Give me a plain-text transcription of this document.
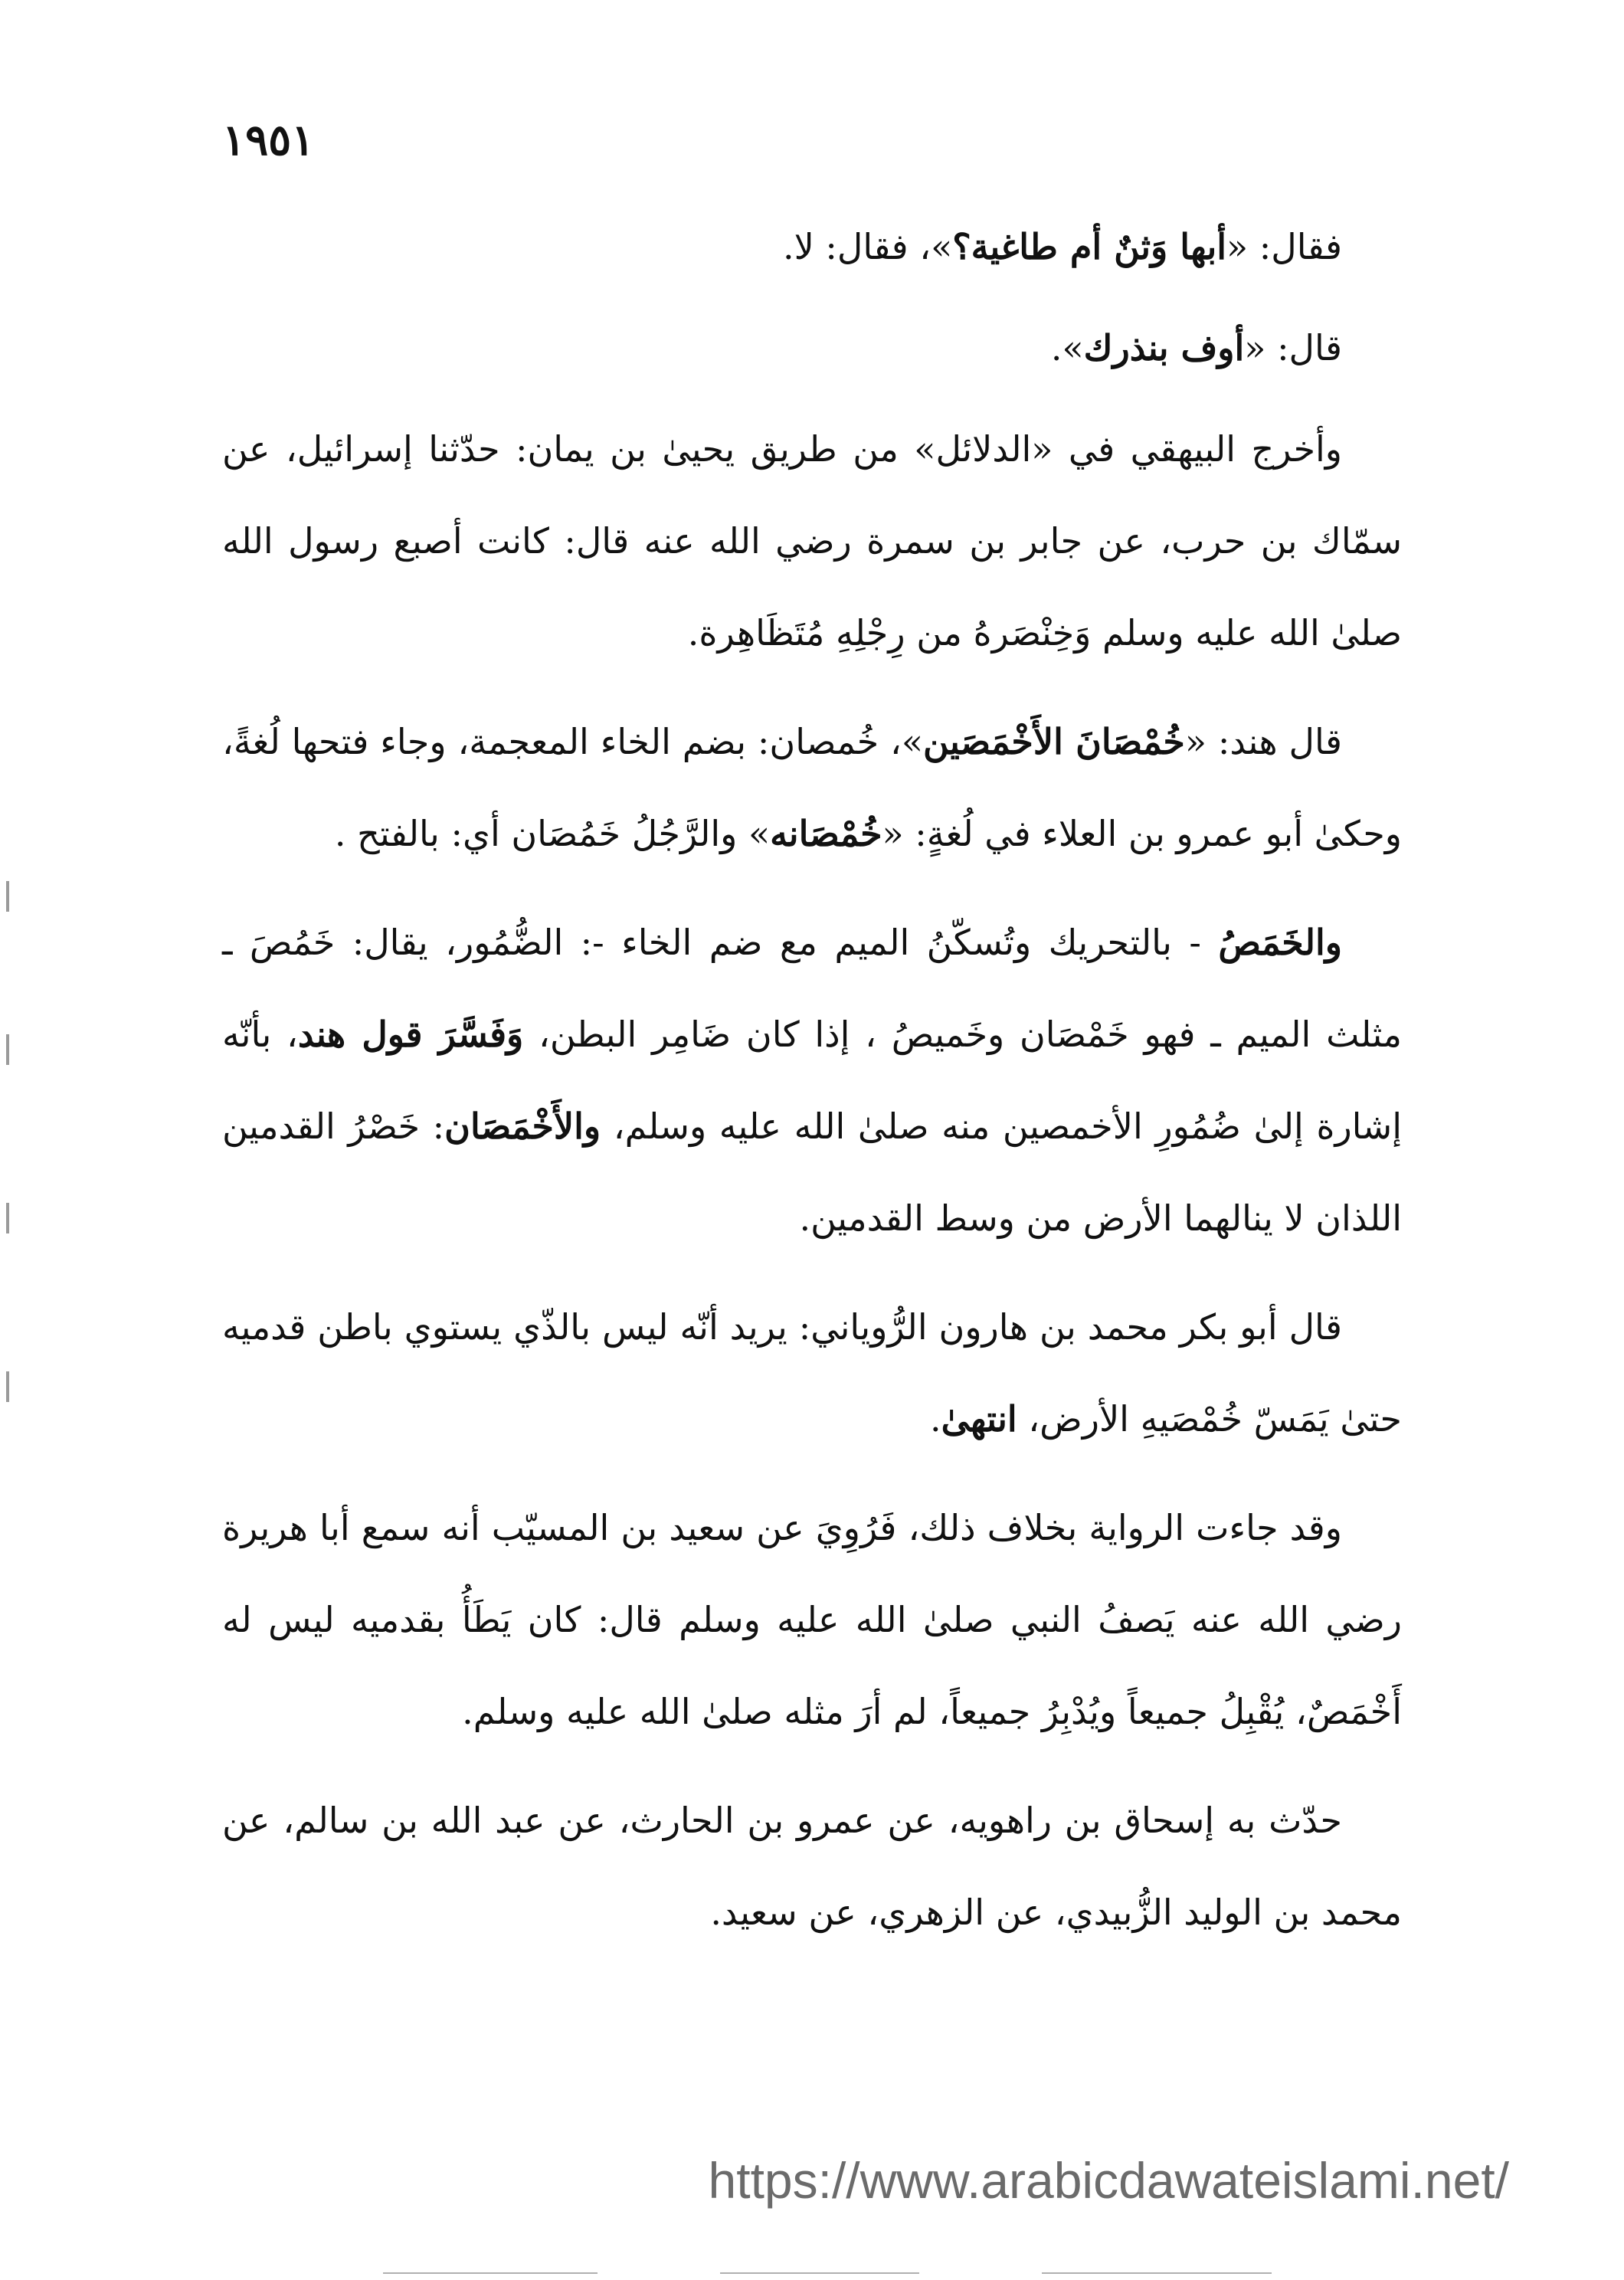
١٩٥١

فقال: «أبها وَثنٌ أم طاغية؟»، فقال: لا.

قال: «أوف بنذرك».

وأخرج البيهقي في «الدلائل» من طريق يحيىٰ بن يمان: حدّثنا إسرائيل، عن سمّاك بن حرب، عن جابر بن سمرة رضي الله عنه قال: كانت أصبع رسول الله صلىٰ الله عليه وسلم وَخِنْصَرهُ من رِجْلِهِ مُتَظَاهِرة.

قال هند: «خُمْصَانَ الأَخْمَصَين»، خُمصان: بضم الخاء المعجمة، وجاء فتحها لُغةً، وحكىٰ أبو عمرو بن العلاء في لُغةٍ: «خُمْصَانه» والرَّجُلُ خَمُصَان أي: بالفتح .

والخَمَصُ - بالتحريك وتُسكّنُ الميم مع ضم الخاء -: الضُّمُور، يقال: خَمُصَ ـ مثلث الميم ـ فهو خَمْصَان وخَميصُ ، إذا كان ضَامِر البطن، وَفَسَّرَ قول هند، بأنّه إشارة إلىٰ ضُمُورِ الأخمصين منه صلىٰ الله عليه وسلم، والأَخْمَصَان: خَصْرُ القدمين اللذان لا ينالهما الأرض من وسط القدمين.

قال أبو بكر محمد بن هارون الرُّوياني: يريد أنّه ليس بالذّي يستوي باطن قدميه حتىٰ يَمَسّ خُمْصَيهِ الأرض، انتهىٰ.

وقد جاءت الرواية بخلاف ذلك، فَرُوِيَ عن سعيد بن المسيّب أنه سمع أبا هريرة رضي الله عنه يَصفُ النبي صلىٰ الله عليه وسلم قال: كان يَطَأُ بقدميه ليس له أَخْمَصٌ، يُقْبِلُ جميعاً ويُدْبِرُ جميعاً، لم أرَ مثله صلىٰ الله عليه وسلم.

حدّث به إسحاق بن راهويه، عن عمرو بن الحارث، عن عبد الله بن سالم، عن محمد بن الوليد الزُّبيدي، عن الزهري، عن سعيد.

https://www.arabicdawateislami.net/
